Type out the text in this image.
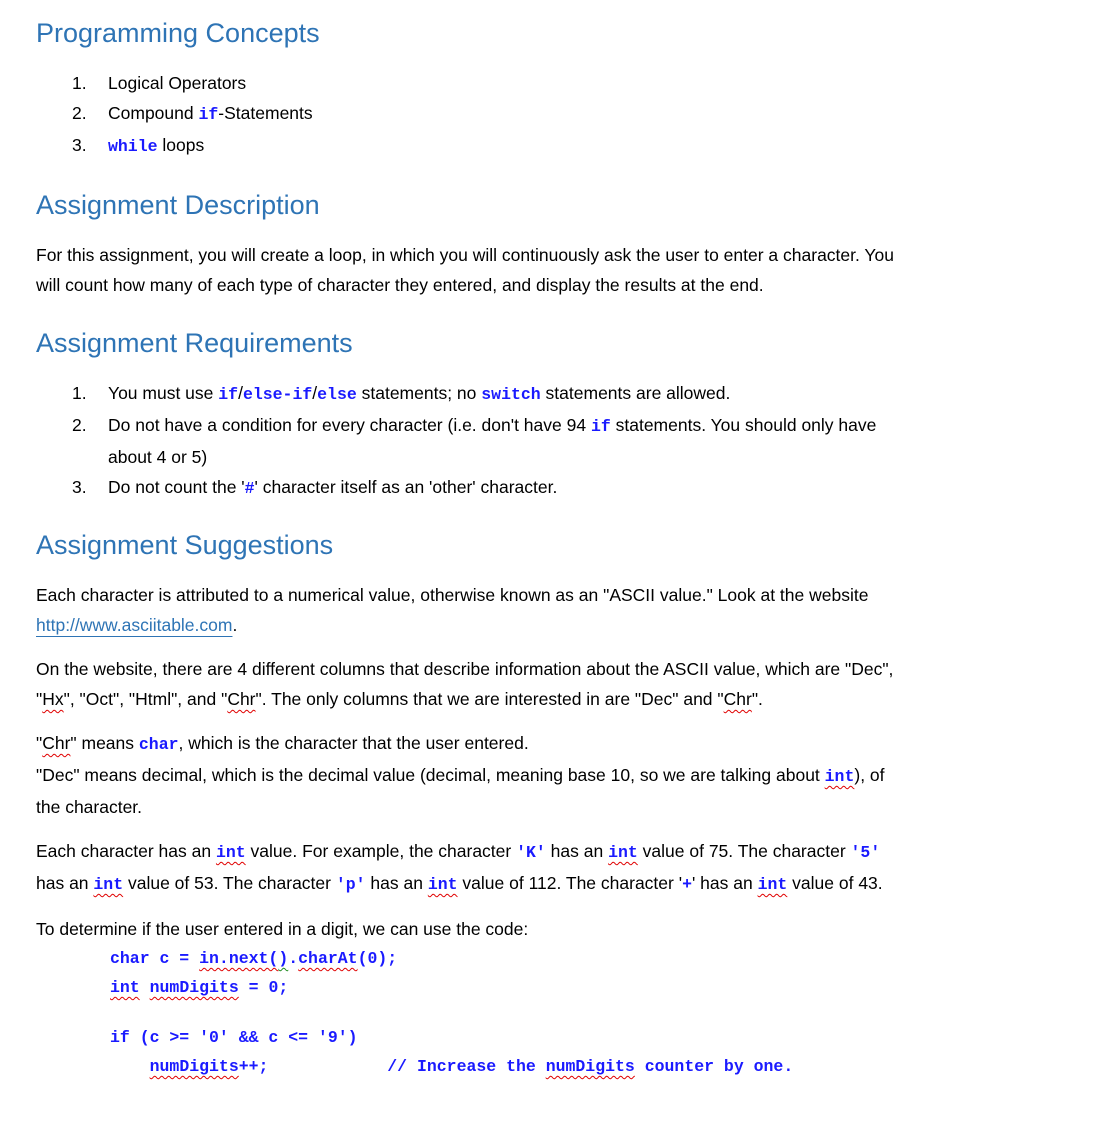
Programming Concepts
1.	Logical Operators
2.	Compound if-Statements
3.	while loops
Assignment Description
For this assignment, you will create a loop, in which you will continuously ask the user to enter a character. You
will count how many of each type of character they entered, and display the results at the end.
Assignment Requirements
1.	You must use if/else-if/else statements; no switch statements are allowed.
2.	Do not have a condition for every character (i.e. don't have 94 if statements. You should only have
about 4 or 5)
3.	Do not count the '#' character itself as an 'other' character.
Assignment Suggestions
Each character is attributed to a numerical value, otherwise known as an "ASCII value." Look at the website
http://www.asciitable.com.
On the website, there are 4 different columns that describe information about the ASCII value, which are "Dec",
"Hx", "Oct", "Html", and "Chr". The only columns that we are interested in are "Dec" and "Chr".
"Chr" means char, which is the character that the user entered.
"Dec" means decimal, which is the decimal value (decimal, meaning base 10, so we are talking about int), of
the character.
Each character has an int value. For example, the character 'K' has an int value of 75. The character '5'
has an int value of 53. The character 'p' has an int value of 112. The character '+' has an int value of 43.
To determine if the user entered in a digit, we can use the code:
char c = in.next().charAt(0);
int numDigits = 0;
if (c >= '0' && c <= '9')
numDigits++;            // Increase the numDigits counter by one.
